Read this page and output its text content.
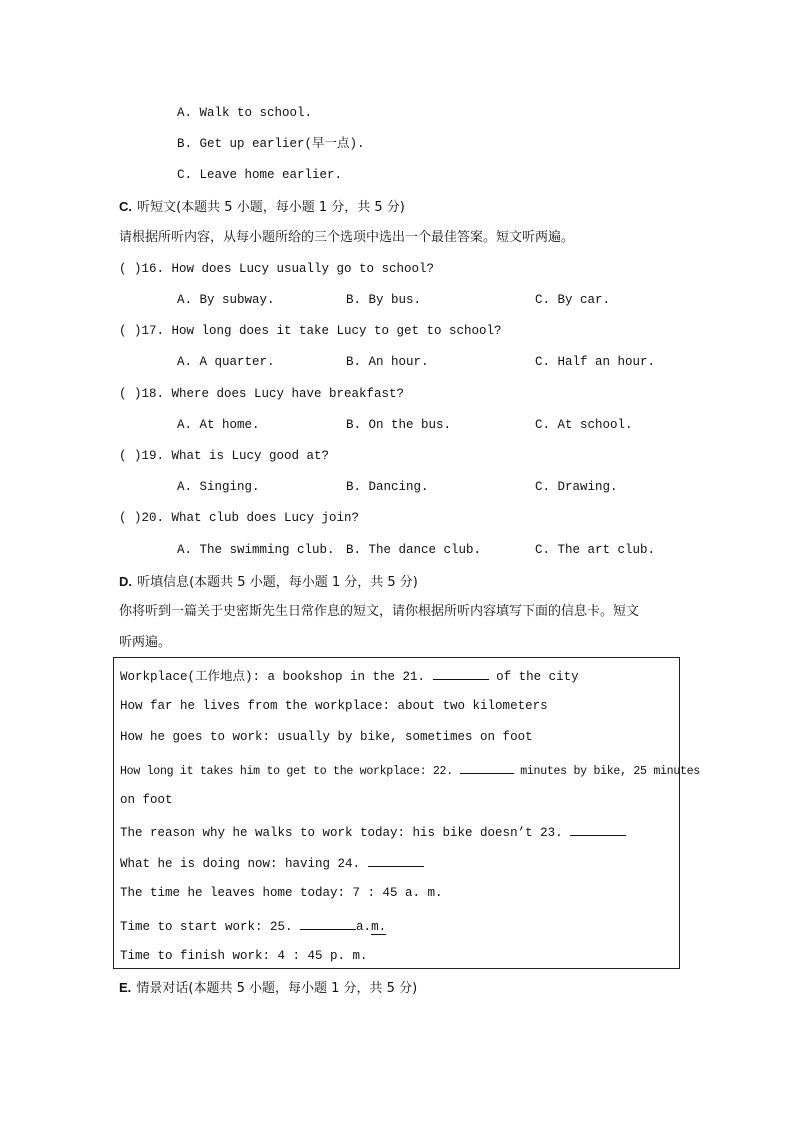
A. Walk to school.
B. Get up earlier(早一点).
C. Leave home earlier.
C. 听短文(本题共 5 小题，每小题 1 分，共 5 分)
请根据所听内容，从每小题所给的三个选项中选出一个最佳答案。短文听两遍。
( )16. How does Lucy usually go to school?
A. By subway.	B. By bus.	C. By car.
( )17. How long does it take Lucy to get to school?
A. A quarter.	B. An hour.	C. Half an hour.
( )18. Where does Lucy have breakfast?
A. At home.	B. On the bus.	C. At school.
( )19. What is Lucy good at?
A. Singing.	B. Dancing.	C. Drawing.
( )20. What club does Lucy join?
A. The swimming club. B. The dance club.	C. The art club.
D. 听填信息(本题共 5 小题，每小题 1 分，共 5 分)
你将听到一篇关于史密斯先生日常作息的短文，请你根据所听内容填写下面的信息卡。短文
听两遍。
Workplace(工作地点): a bookshop in the 21.	of the city
How far he lives from the workplace: about two kilometers
How he goes to work: usually by bike, sometimes on foot
How long it takes him to get to the workplace: 22.	minutes by bike, 25 minutes
on foot
The reason why he walks to work today: his bike doesn’t 23.
What he is doing now: having 24.
The time he leaves home today: 7 : 45 a. m.
Time to start work: 25.	a.m.
Time to finish work: 4 : 45 p. m.
E. 情景对话(本题共 5 小题，每小题 1 分，共 5 分)
